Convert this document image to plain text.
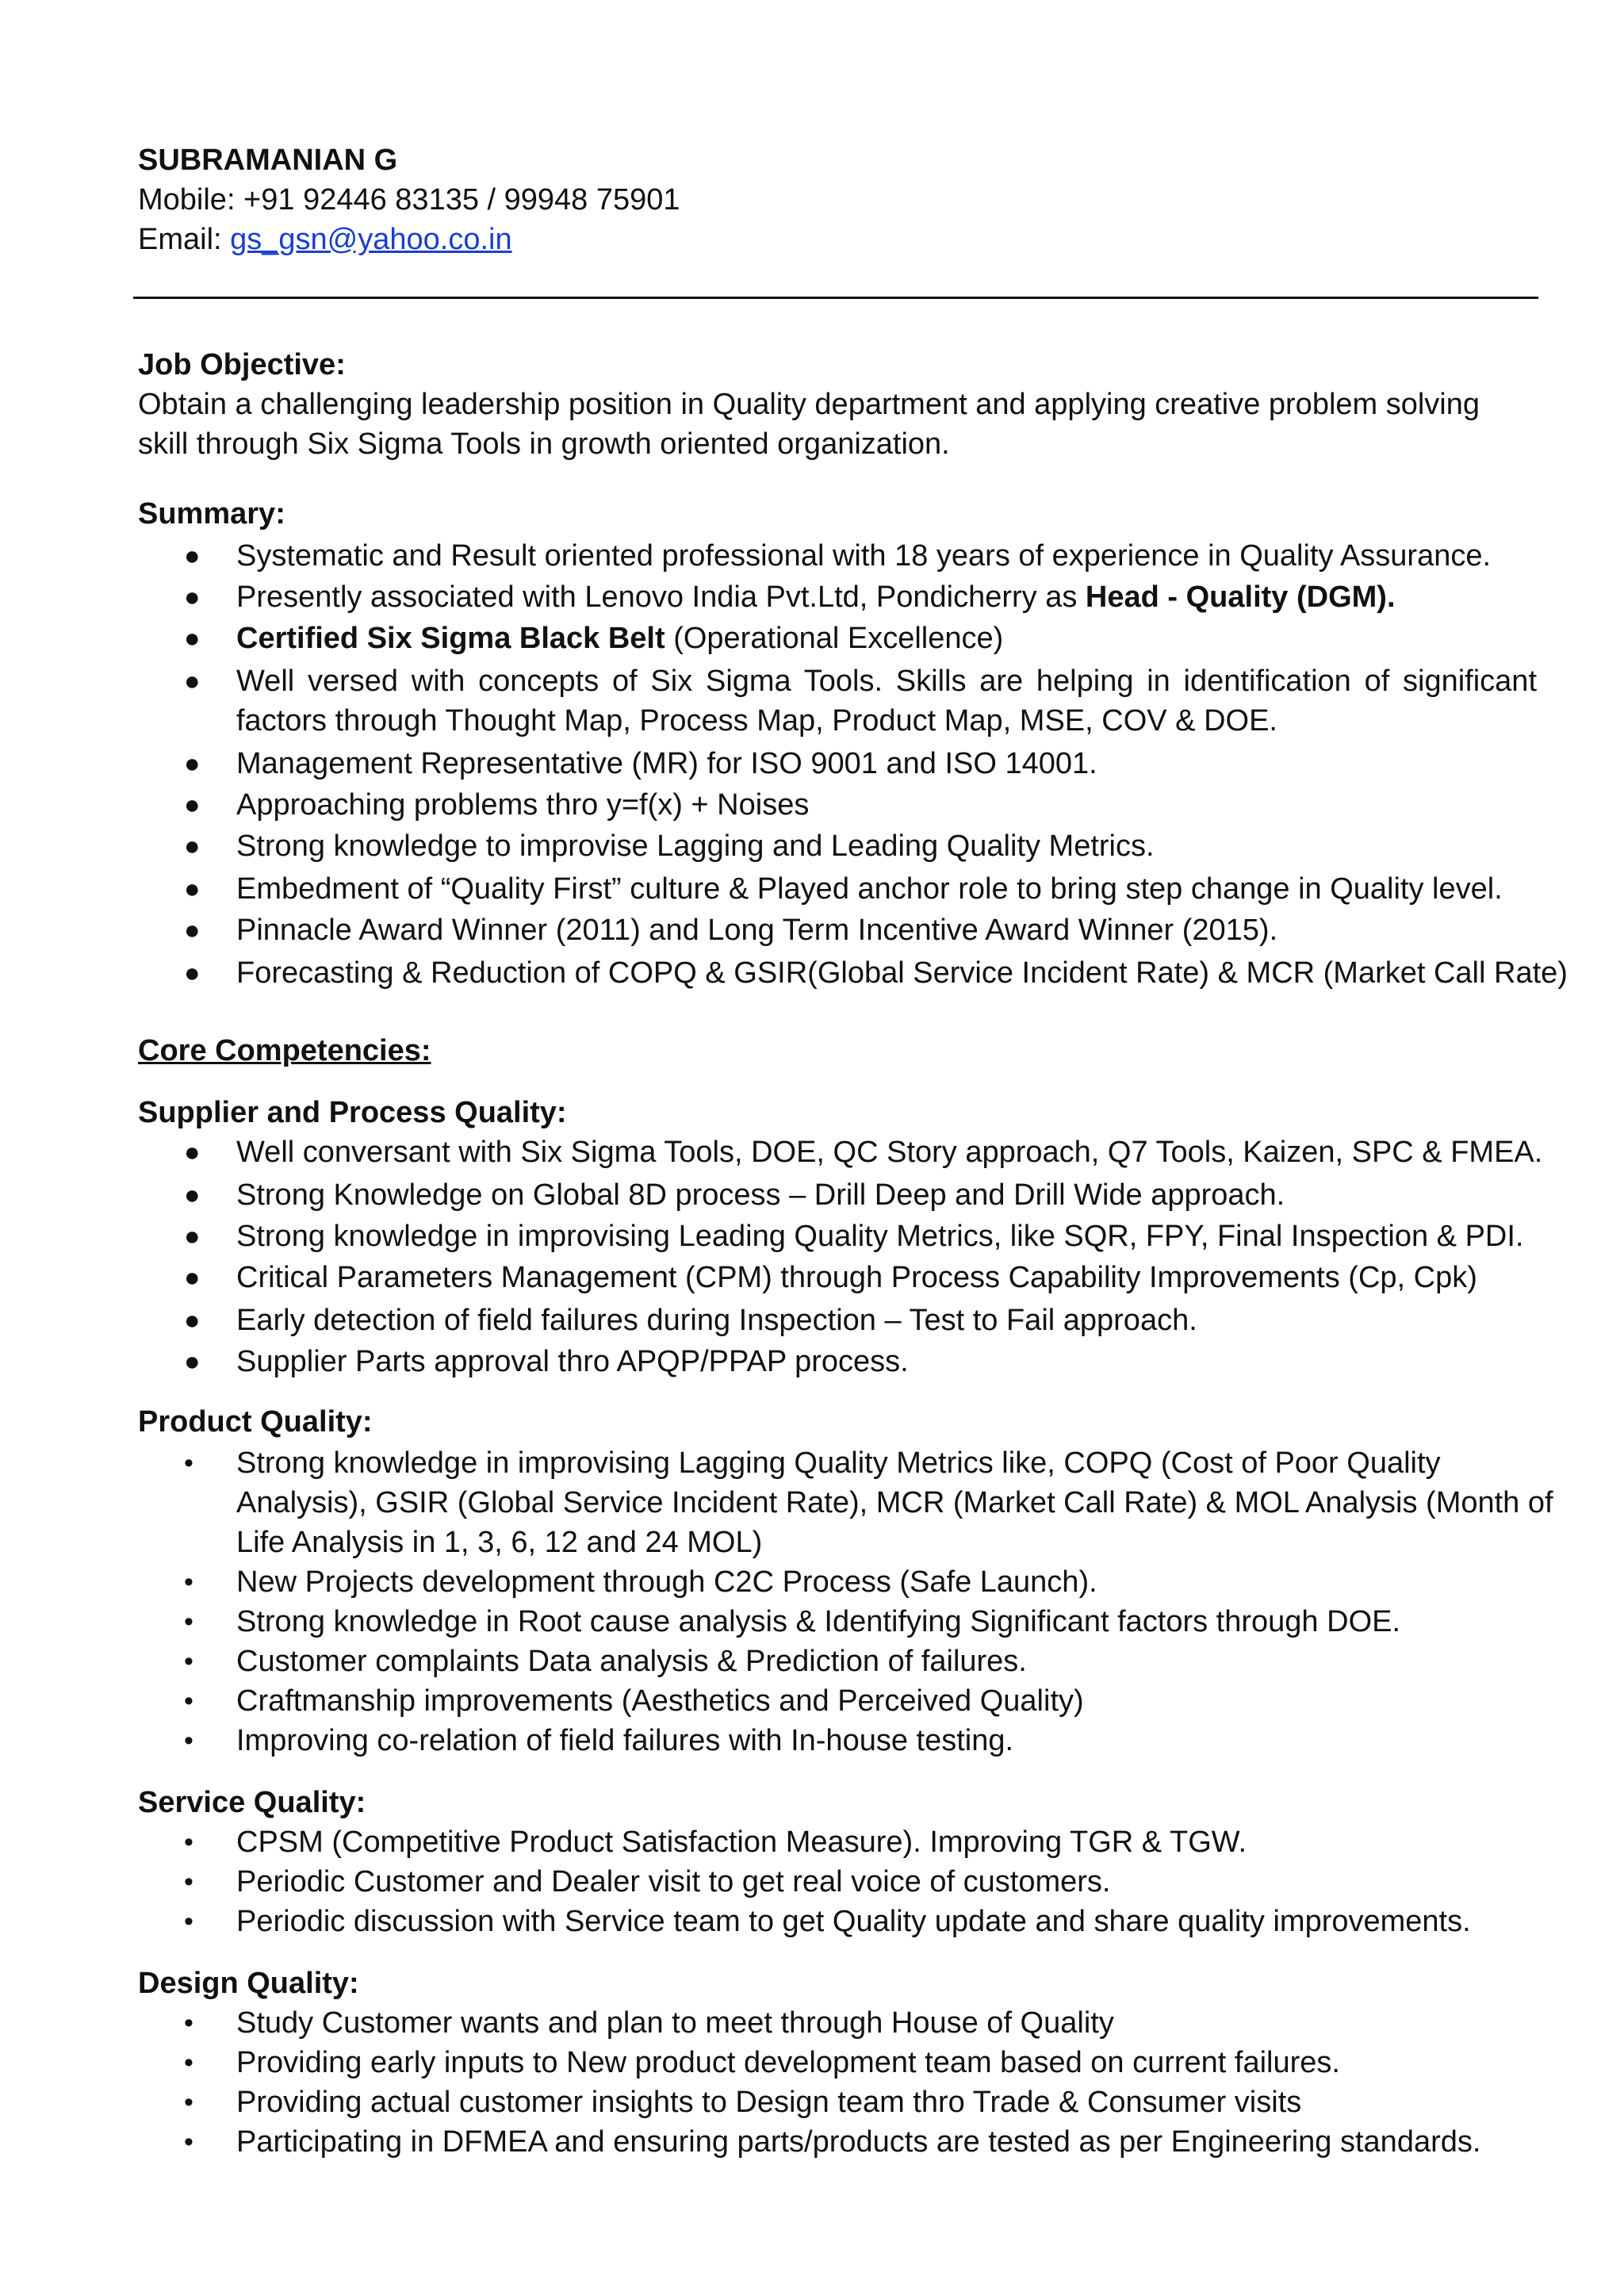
SUBRAMANIAN G
Mobile: +91 92446 83135 / 99948 75901
Email: gs_gsn@yahoo.co.in
Job Objective:
Obtain a challenging leadership position in Quality department and applying creative problem solving
skill through Six Sigma Tools in growth oriented organization.
Summary:
●	Systematic and Result oriented professional with 18 years of experience in Quality Assurance.
●	Presently associated with Lenovo India Pvt.Ltd, Pondicherry as Head - Quality (DGM).
●	Certified Six Sigma Black Belt (Operational Excellence)
●	Well versed with concepts of Six Sigma Tools. Skills are helping in identification of significant
factors through Thought Map, Process Map, Product Map, MSE, COV & DOE.
●	Management Representative (MR) for ISO 9001 and ISO 14001.
●	Approaching problems thro y=f(x) + Noises
●	Strong knowledge to improvise Lagging and Leading Quality Metrics.
●	Embedment of “Quality First” culture & Played anchor role to bring step change in Quality level.
●	Pinnacle Award Winner (2011) and Long Term Incentive Award Winner (2015).
●	Forecasting & Reduction of COPQ & GSIR(Global Service Incident Rate) & MCR (Market Call Rate)
Core Competencies:
Supplier and Process Quality:
●	Well conversant with Six Sigma Tools, DOE, QC Story approach, Q7 Tools, Kaizen, SPC & FMEA.
●	Strong Knowledge on Global 8D process – Drill Deep and Drill Wide approach.
●	Strong knowledge in improvising Leading Quality Metrics, like SQR, FPY, Final Inspection & PDI.
●	Critical Parameters Management (CPM) through Process Capability Improvements (Cp, Cpk)
●	Early detection of field failures during Inspection – Test to Fail approach.
●	Supplier Parts approval thro APQP/PPAP process.
Product Quality:
•	Strong knowledge in improvising Lagging Quality Metrics like, COPQ (Cost of Poor Quality
Analysis), GSIR (Global Service Incident Rate), MCR (Market Call Rate) & MOL Analysis (Month of
Life Analysis in 1, 3, 6, 12 and 24 MOL)
•	New Projects development through C2C Process (Safe Launch).
•	Strong knowledge in Root cause analysis & Identifying Significant factors through DOE.
•	Customer complaints Data analysis & Prediction of failures.
•	Craftmanship improvements (Aesthetics and Perceived Quality)
•	Improving co-relation of field failures with In-house testing.
Service Quality:
•	CPSM (Competitive Product Satisfaction Measure). Improving TGR & TGW.
•	Periodic Customer and Dealer visit to get real voice of customers.
•	Periodic discussion with Service team to get Quality update and share quality improvements.
Design Quality:
•	Study Customer wants and plan to meet through House of Quality
•	Providing early inputs to New product development team based on current failures.
•	Providing actual customer insights to Design team thro Trade & Consumer visits
•	Participating in DFMEA and ensuring parts/products are tested as per Engineering standards.
